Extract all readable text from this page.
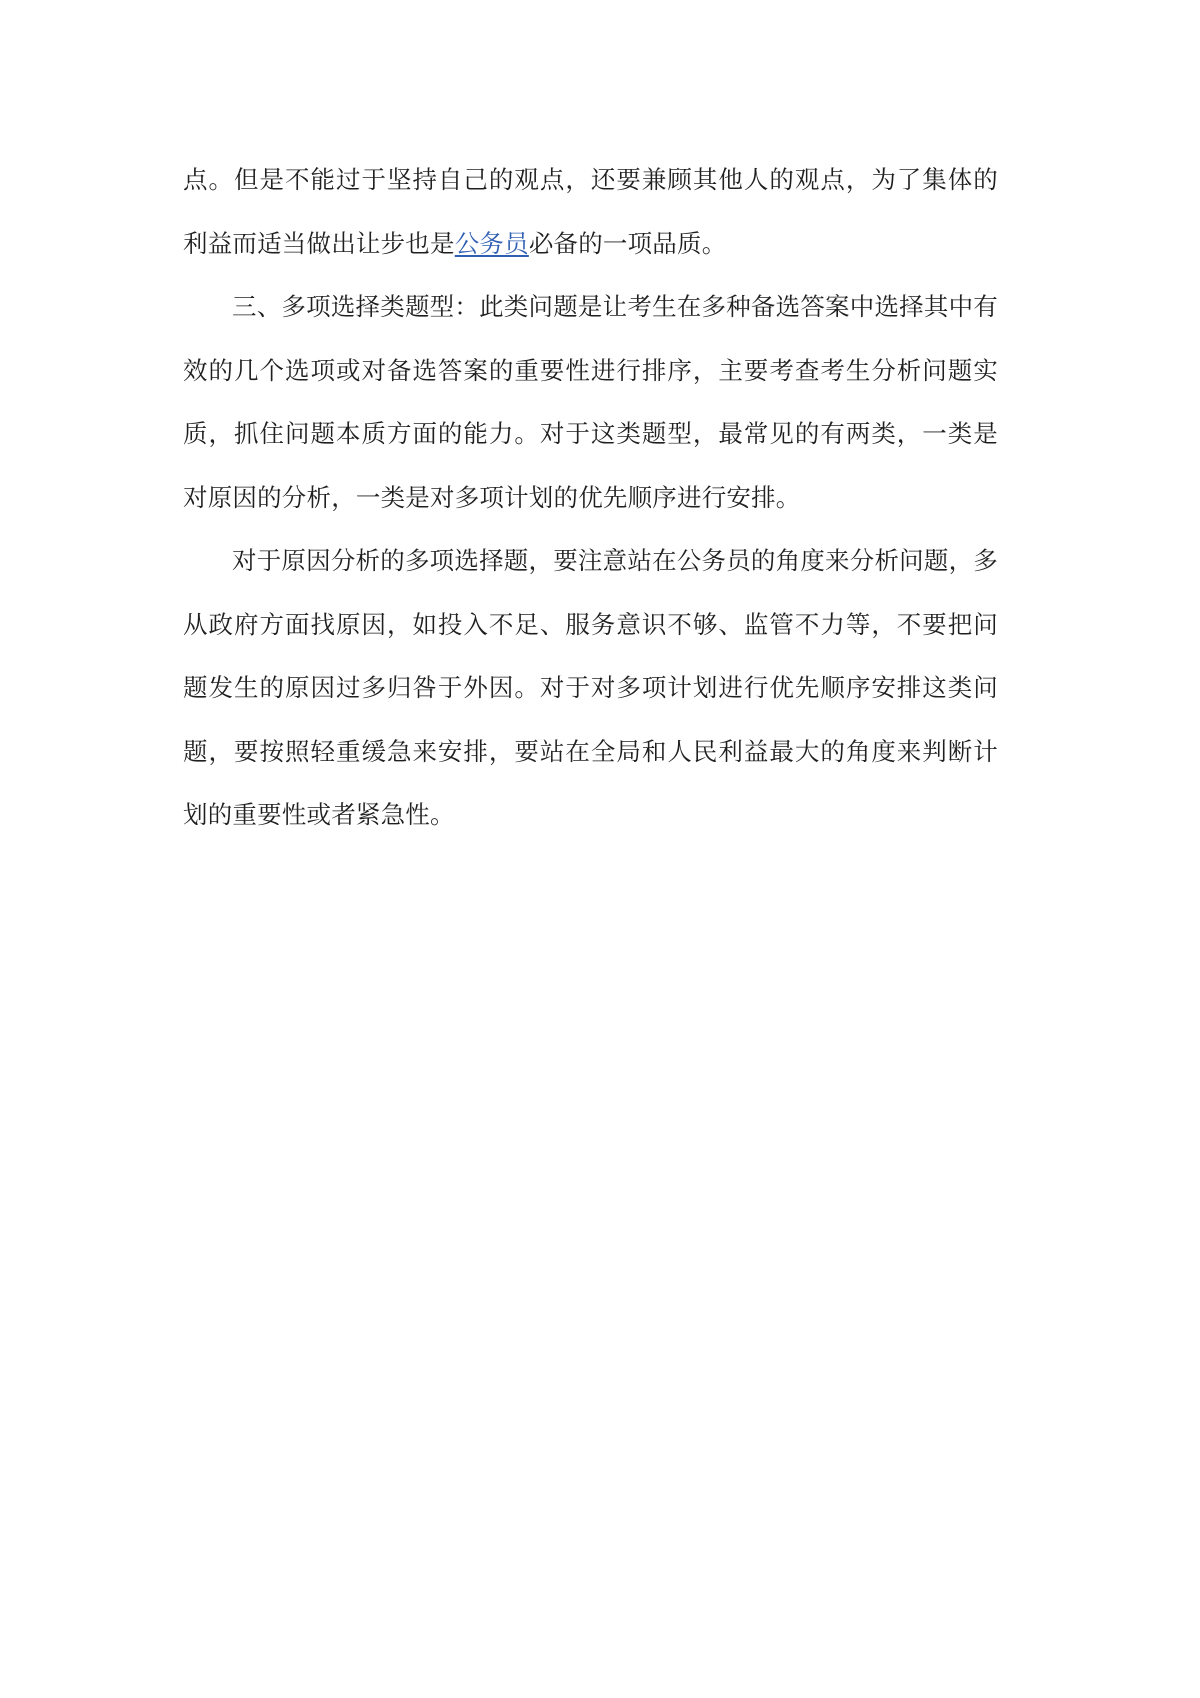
点。但是不能过于坚持自己的观点，还要兼顾其他人的观点，为了集体的利益而适当做出让步也是公务员必备的一项品质。

三、多项选择类题型：此类问题是让考生在多种备选答案中选择其中有效的几个选项或对备选答案的重要性进行排序，主要考查考生分析问题实质，抓住问题本质方面的能力。对于这类题型，最常见的有两类，一类是对原因的分析，一类是对多项计划的优先顺序进行安排。

对于原因分析的多项选择题，要注意站在公务员的角度来分析问题，多从政府方面找原因，如投入不足、服务意识不够、监管不力等，不要把问题发生的原因过多归咎于外因。对于对多项计划进行优先顺序安排这类问题，要按照轻重缓急来安排，要站在全局和人民利益最大的角度来判断计划的重要性或者紧急性。
